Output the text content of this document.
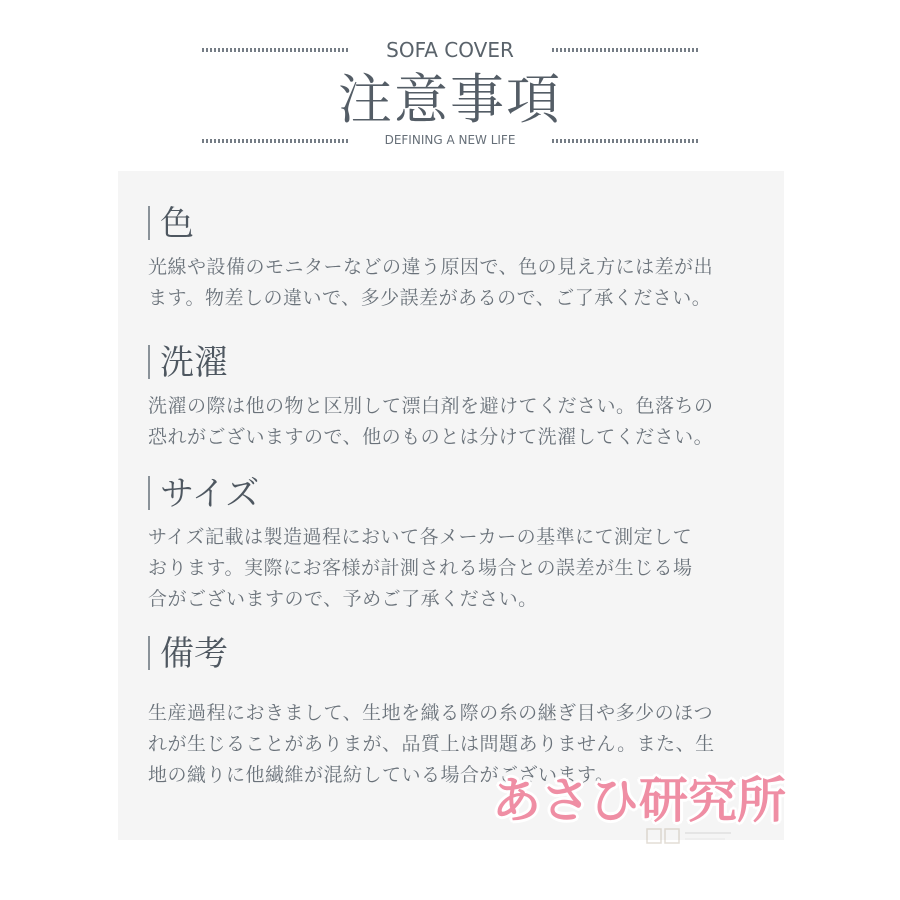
SOFA COVER
注意事項
DEFINING A NEW LIFE
色
光線や設備のモニターなどの違う原因で、色の見え方には差が出
ます。物差しの違いで、多少誤差があるので、ご了承ください。
洗濯
洗濯の際は他の物と区別して漂白剤を避けてください。色落ちの
恐れがございますので、他のものとは分けて洗濯してください。
サイズ
サイズ記載は製造過程において各メーカーの基準にて測定して
おります。実際にお客様が計測される場合との誤差が生じる場
合がございますので、予めご了承ください。
備考
生産過程におきまして、生地を織る際の糸の継ぎ目や多少のほつ
れが生じることがありまが、品質上は問題ありません。また、生
地の織りに他繊維が混紡している場合がございます。
あさひ研究所
